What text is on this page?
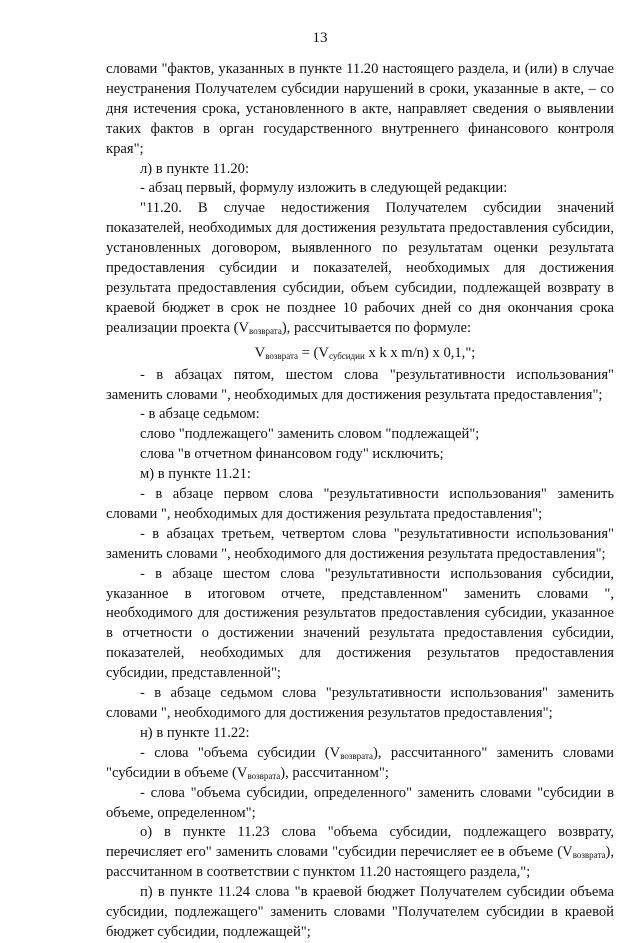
13

словами "фактов, указанных в пункте 11.20 настоящего раздела, и (или) в случае неустранения Получателем субсидии нарушений в сроки, указанные в акте, – со дня истечения срока, установленного в акте, направляет сведения о выявлении таких фактов в орган государственного внутреннего финансового контроля края";

л) в пункте 11.20:

- абзац первый, формулу изложить в следующей редакции:

"11.20. В случае недостижения Получателем субсидии значений показателей, необходимых для достижения результата предоставления субсидии, установленных договором, выявленного по результатам оценки результата предоставления субсидии и показателей, необходимых для достижения результата предоставления субсидии, объем субсидии, подлежащей возврату в краевой бюджет в срок не позднее 10 рабочих дней со дня окончания срока реализации проекта $(V_{возврата})$, рассчитывается по формуле:

$V_{возврата} = (V_{субсидии}$ x k x m/n) x 0,1,";

- в абзацах пятом, шестом слова "результативности использования" заменить словами ", необходимых для достижения результата предоставления";

- в абзаце седьмом:

слово "подлежащего" заменить словом "подлежащей";

слова "в отчетном финансовом году" исключить;

м) в пункте 11.21:

- в абзаце первом слова "результативности использования" заменить словами ", необходимых для достижения результата предоставления";

- в абзацах третьем, четвертом слова "результативности использования" заменить словами ", необходимого для достижения результата предоставления";

- в абзаце шестом слова "результативности использования субсидии, указанное в итоговом отчете, представленном" заменить словами ", необходимого для достижения результатов предоставления субсидии, указанное в отчетности о достижении значений результата предоставления субсидии, показателей, необходимых для достижения результатов предоставления субсидии, представленной";

- в абзаце седьмом слова "результативности использования" заменить словами ", необходимого для достижения результатов предоставления";

н) в пункте 11.22:

- слова "объема субсидии $(V_{возврата})$, рассчитанного" заменить словами "субсидии в объеме $(V_{возврата})$, рассчитанном";

- слова "объема субсидии, определенного" заменить словами "субсидии в объеме, определенном";

о) в пункте 11.23 слова "объема субсидии, подлежащего возврату, перечисляет его" заменить словами "субсидии перечисляет ее в объеме $(V_{возврата})$, рассчитанном в соответствии с пунктом 11.20 настоящего раздела,";

п) в пункте 11.24 слова "в краевой бюджет Получателем субсидии объема субсидии, подлежащего" заменить словами "Получателем субсидии в краевой бюджет субсидии, подлежащей";
